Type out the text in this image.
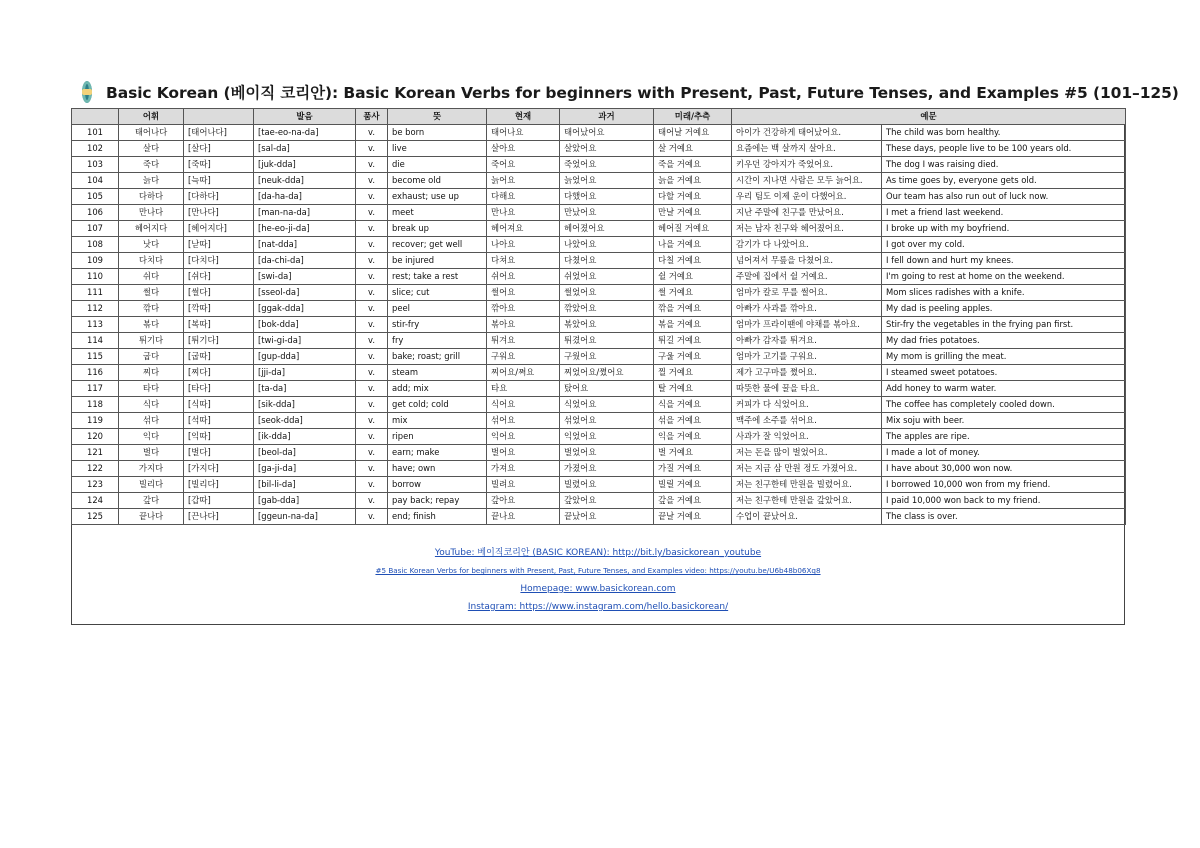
Basic Korean (베이직 코리안): Basic Korean Verbs for beginners with Present, Past, Future Tenses, and Examples #5 (101–125)
	어휘		발음	품사	뜻	현재	과거	미래/추측	예문	
101	태어나다	[태어나다]	[tae-eo-na-da]	v.	be born	태어나요	태어났어요	태어날 거예요	아이가 건강하게 태어났어요.	The child was born healthy.
102	살다	[살다]	[sal-da]	v.	live	살아요	살았어요	살 거예요	요즘에는 백 살까지 살아요.	These days, people live to be 100 years old.
103	죽다	[죽따]	[juk-dda]	v.	die	죽어요	죽었어요	죽을 거예요	키우던 강아지가 죽었어요.	The dog I was raising died.
104	늙다	[늑따]	[neuk-dda]	v.	become old	늙어요	늙었어요	늙을 거예요	시간이 지나면 사람은 모두 늙어요.	As time goes by, everyone gets old.
105	다하다	[다하다]	[da-ha-da]	v.	exhaust; use up	다해요	다했어요	다할 거예요	우리 팀도 이제 운이 다했어요.	Our team has also run out of luck now.
106	만나다	[만나다]	[man-na-da]	v.	meet	만나요	만났어요	만날 거예요	지난 주말에 친구를 만났어요.	I met a friend last weekend.
107	헤어지다	[헤어지다]	[he-eo-ji-da]	v.	break up	헤어져요	헤어졌어요	헤어질 거예요	저는 남자 친구와 헤어졌어요.	I broke up with my boyfriend.
108	낫다	[낟따]	[nat-dda]	v.	recover; get well	나아요	나았어요	나을 거예요	감기가 다 나았어요.	I got over my cold.
109	다치다	[다치다]	[da-chi-da]	v.	be injured	다쳐요	다쳤어요	다칠 거예요	넘어져서 무릎을 다쳤어요.	I fell down and hurt my knees.
110	쉬다	[쉬다]	[swi-da]	v.	rest; take a rest	쉬어요	쉬었어요	쉴 거예요	주말에 집에서 쉴 거예요.	I'm going to rest at home on the weekend.
111	썰다	[썰다]	[sseol-da]	v.	slice; cut	썰어요	썰었어요	썰 거예요	엄마가 칼로 무를 썰어요.	Mom slices radishes with a knife.
112	깎다	[깍따]	[ggak-dda]	v.	peel	깎아요	깎았어요	깎을 거예요	아빠가 사과를 깎아요.	My dad is peeling apples.
113	볶다	[복따]	[bok-dda]	v.	stir-fry	볶아요	볶았어요	볶을 거예요	엄마가 프라이팬에 야채를 볶아요.	Stir-fry the vegetables in the frying pan first.
114	튀기다	[튀기다]	[twi-gi-da]	v.	fry	튀겨요	튀겼어요	튀길 거예요	아빠가 감자를 튀겨요.	My dad fries potatoes.
115	굽다	[굽따]	[gup-dda]	v.	bake; roast; grill	구워요	구웠어요	구울 거예요	엄마가 고기를 구워요.	My mom is grilling the meat.
116	찌다	[찌다]	[jji-da]	v.	steam	찌어요/쪄요	찌었어요/쪘어요	찔 거예요	제가 고구마를 쪘어요.	I steamed sweet potatoes.
117	타다	[타다]	[ta-da]	v.	add; mix	타요	탔어요	탈 거예요	따뜻한 물에 꿀을 타요.	Add honey to warm water.
118	식다	[식따]	[sik-dda]	v.	get cold; cold	식어요	식었어요	식을 거예요	커피가 다 식었어요.	The coffee has completely cooled down.
119	섞다	[석따]	[seok-dda]	v.	mix	섞어요	섞었어요	섞을 거예요	맥주에 소주를 섞어요.	Mix soju with beer.
120	익다	[익따]	[ik-dda]	v.	ripen	익어요	익었어요	익을 거예요	사과가 잘 익었어요.	The apples are ripe.
121	벌다	[벌다]	[beol-da]	v.	earn; make	벌어요	벌었어요	벌 거예요	저는 돈을 많이 벌었어요.	I made a lot of money.
122	가지다	[가지다]	[ga-ji-da]	v.	have; own	가져요	가졌어요	가질 거예요	저는 지금 삼 만원 정도 가졌어요.	I have about 30,000 won now.
123	빌리다	[빌리다]	[bil-li-da]	v.	borrow	빌려요	빌렸어요	빌릴 거예요	저는 친구한테 만원을 빌렸어요.	I borrowed 10,000 won from my friend.
124	갚다	[갑따]	[gab-dda]	v.	pay back; repay	갚아요	갚았어요	갚을 거예요	저는 친구한테 만원을 갚았어요.	I paid 10,000 won back to my friend.
125	끝나다	[끈나다]	[ggeun-na-da]	v.	end; finish	끝나요	끝났어요	끝날 거예요	수업이 끝났어요.	The class is over.
YouTube: 베이직코리안 (BASIC KOREAN): http://bit.ly/basickorean_youtube
#5 Basic Korean Verbs for beginners with Present, Past, Future Tenses, and Examples video: https://youtu.be/U6b48b06Xq8
Homepage: www.basickorean.com
Instagram: https://www.instagram.com/hello.basickorean/
